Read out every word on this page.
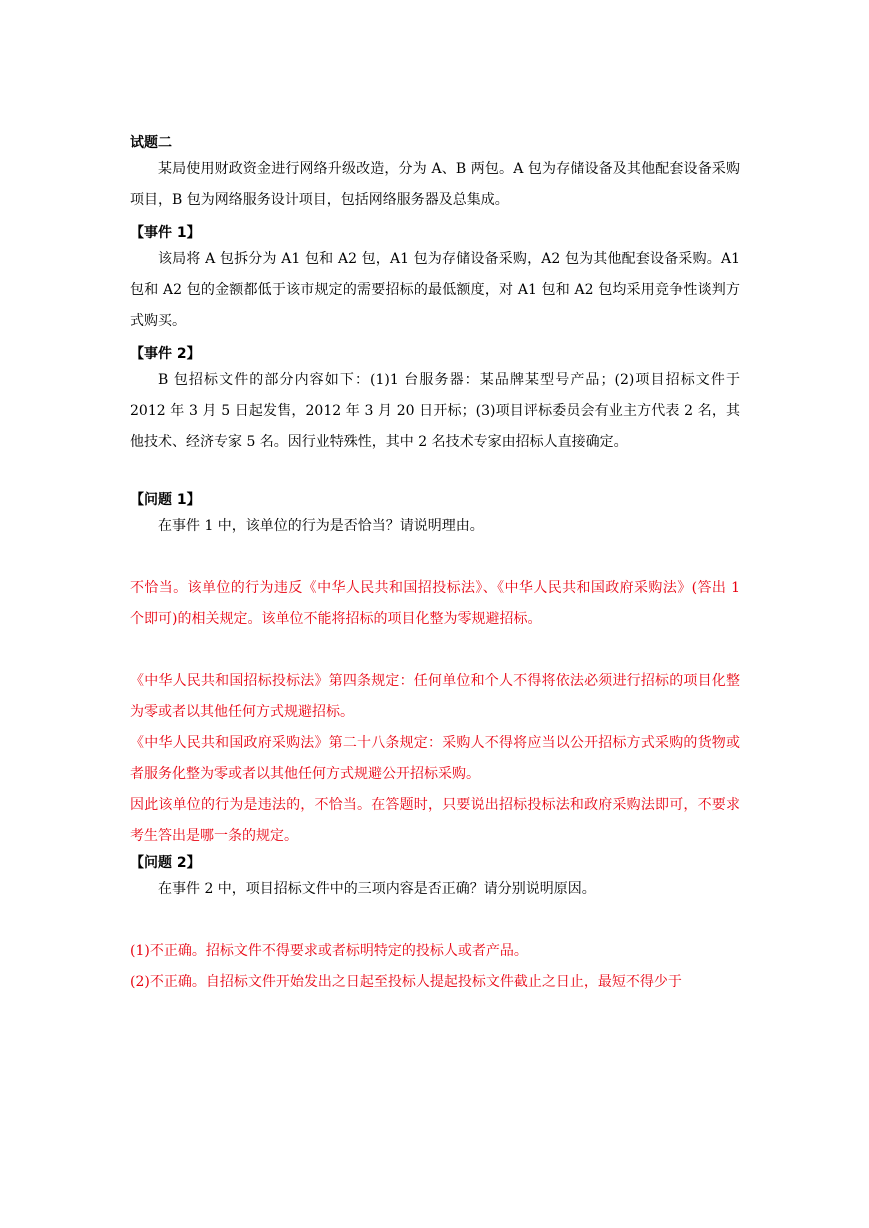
试题二

某局使用财政资金进行网络升级改造，分为 A、B 两包。A 包为存储设备及其他配套设备采购项目，B 包为网络服务设计项目，包括网络服务器及总集成。

【事件 1】

该局将 A 包拆分为 A1 包和 A2 包，A1 包为存储设备采购，A2 包为其他配套设备采购。A1 包和 A2 包的金额都低于该市规定的需要招标的最低额度，对 A1 包和 A2 包均采用竞争性谈判方式购买。

【事件 2】

B 包招标文件的部分内容如下：(1)1 台服务器：某品牌某型号产品；(2)项目招标文件于 2012 年 3 月 5 日起发售，2012 年 3 月 20 日开标；(3)项目评标委员会有业主方代表 2 名，其他技术、经济专家 5 名。因行业特殊性，其中 2 名技术专家由招标人直接确定。

【问题 1】

在事件 1 中，该单位的行为是否恰当？请说明理由。

不恰当。该单位的行为违反《中华人民共和国招投标法》、《中华人民共和国政府采购法》(答出 1 个即可)的相关规定。该单位不能将招标的项目化整为零规避招标。

《中华人民共和国招标投标法》第四条规定：任何单位和个人不得将依法必须进行招标的项目化整为零或者以其他任何方式规避招标。

《中华人民共和国政府采购法》第二十八条规定：采购人不得将应当以公开招标方式采购的货物或者服务化整为零或者以其他任何方式规避公开招标采购。

因此该单位的行为是违法的，不恰当。在答题时，只要说出招标投标法和政府采购法即可，不要求考生答出是哪一条的规定。

【问题 2】

在事件 2 中，项目招标文件中的三项内容是否正确？请分别说明原因。

(1)不正确。招标文件不得要求或者标明特定的投标人或者产品。

(2)不正确。自招标文件开始发出之日起至投标人提起投标文件截止之日止，最短不得少于
